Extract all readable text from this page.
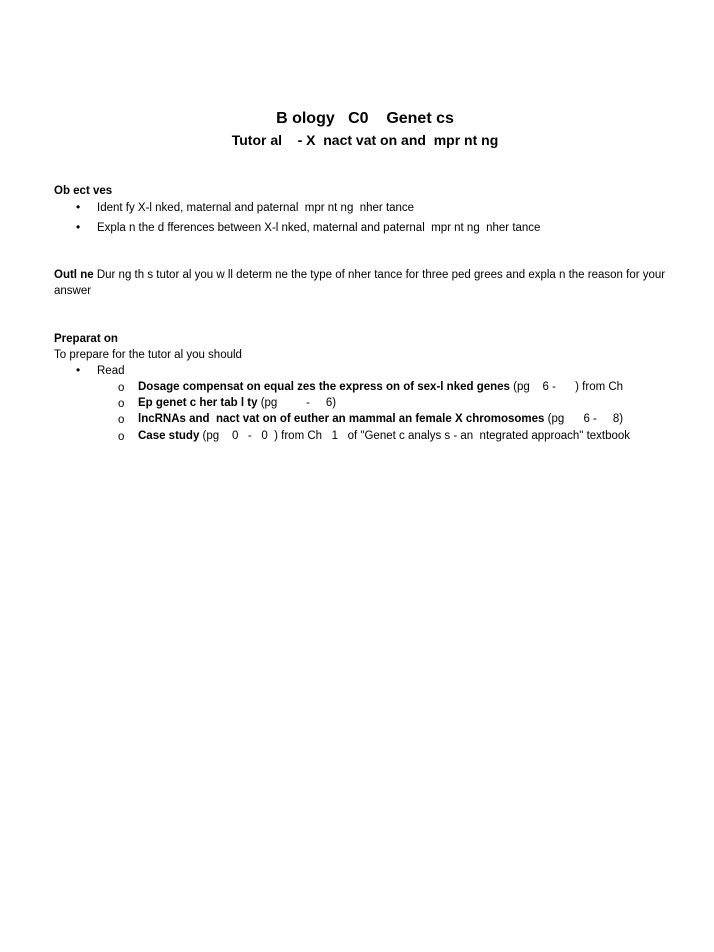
B ology   C0    Genet cs
Tutor al    - X  nact vat on and  mpr nt ng
Ob ect ves
• Ident fy X-l nked, maternal and paternal  mpr nt ng  nher tance
• Expla n the d fferences between X-l nked, maternal and paternal  mpr nt ng  nher tance
Outl ne Dur ng th s tutor al you w ll determ ne the type of nher tance for three ped grees and expla n the reason for your answer
Preparat on
To prepare for the tutor al you should
• Read
o Dosage compensat on equal zes the express on of sex-l nked genes (pg    6 -      ) from Ch
o Ep genet c her tab l ty (pg         -     6)
o lncRNAs and  nact vat on of euther an mammal an female X chromosomes (pg      6 -     8)
o Case study (pg    0   -   0  ) from Ch   1   of "Genet c analys s - an  ntegrated approach" textbook
